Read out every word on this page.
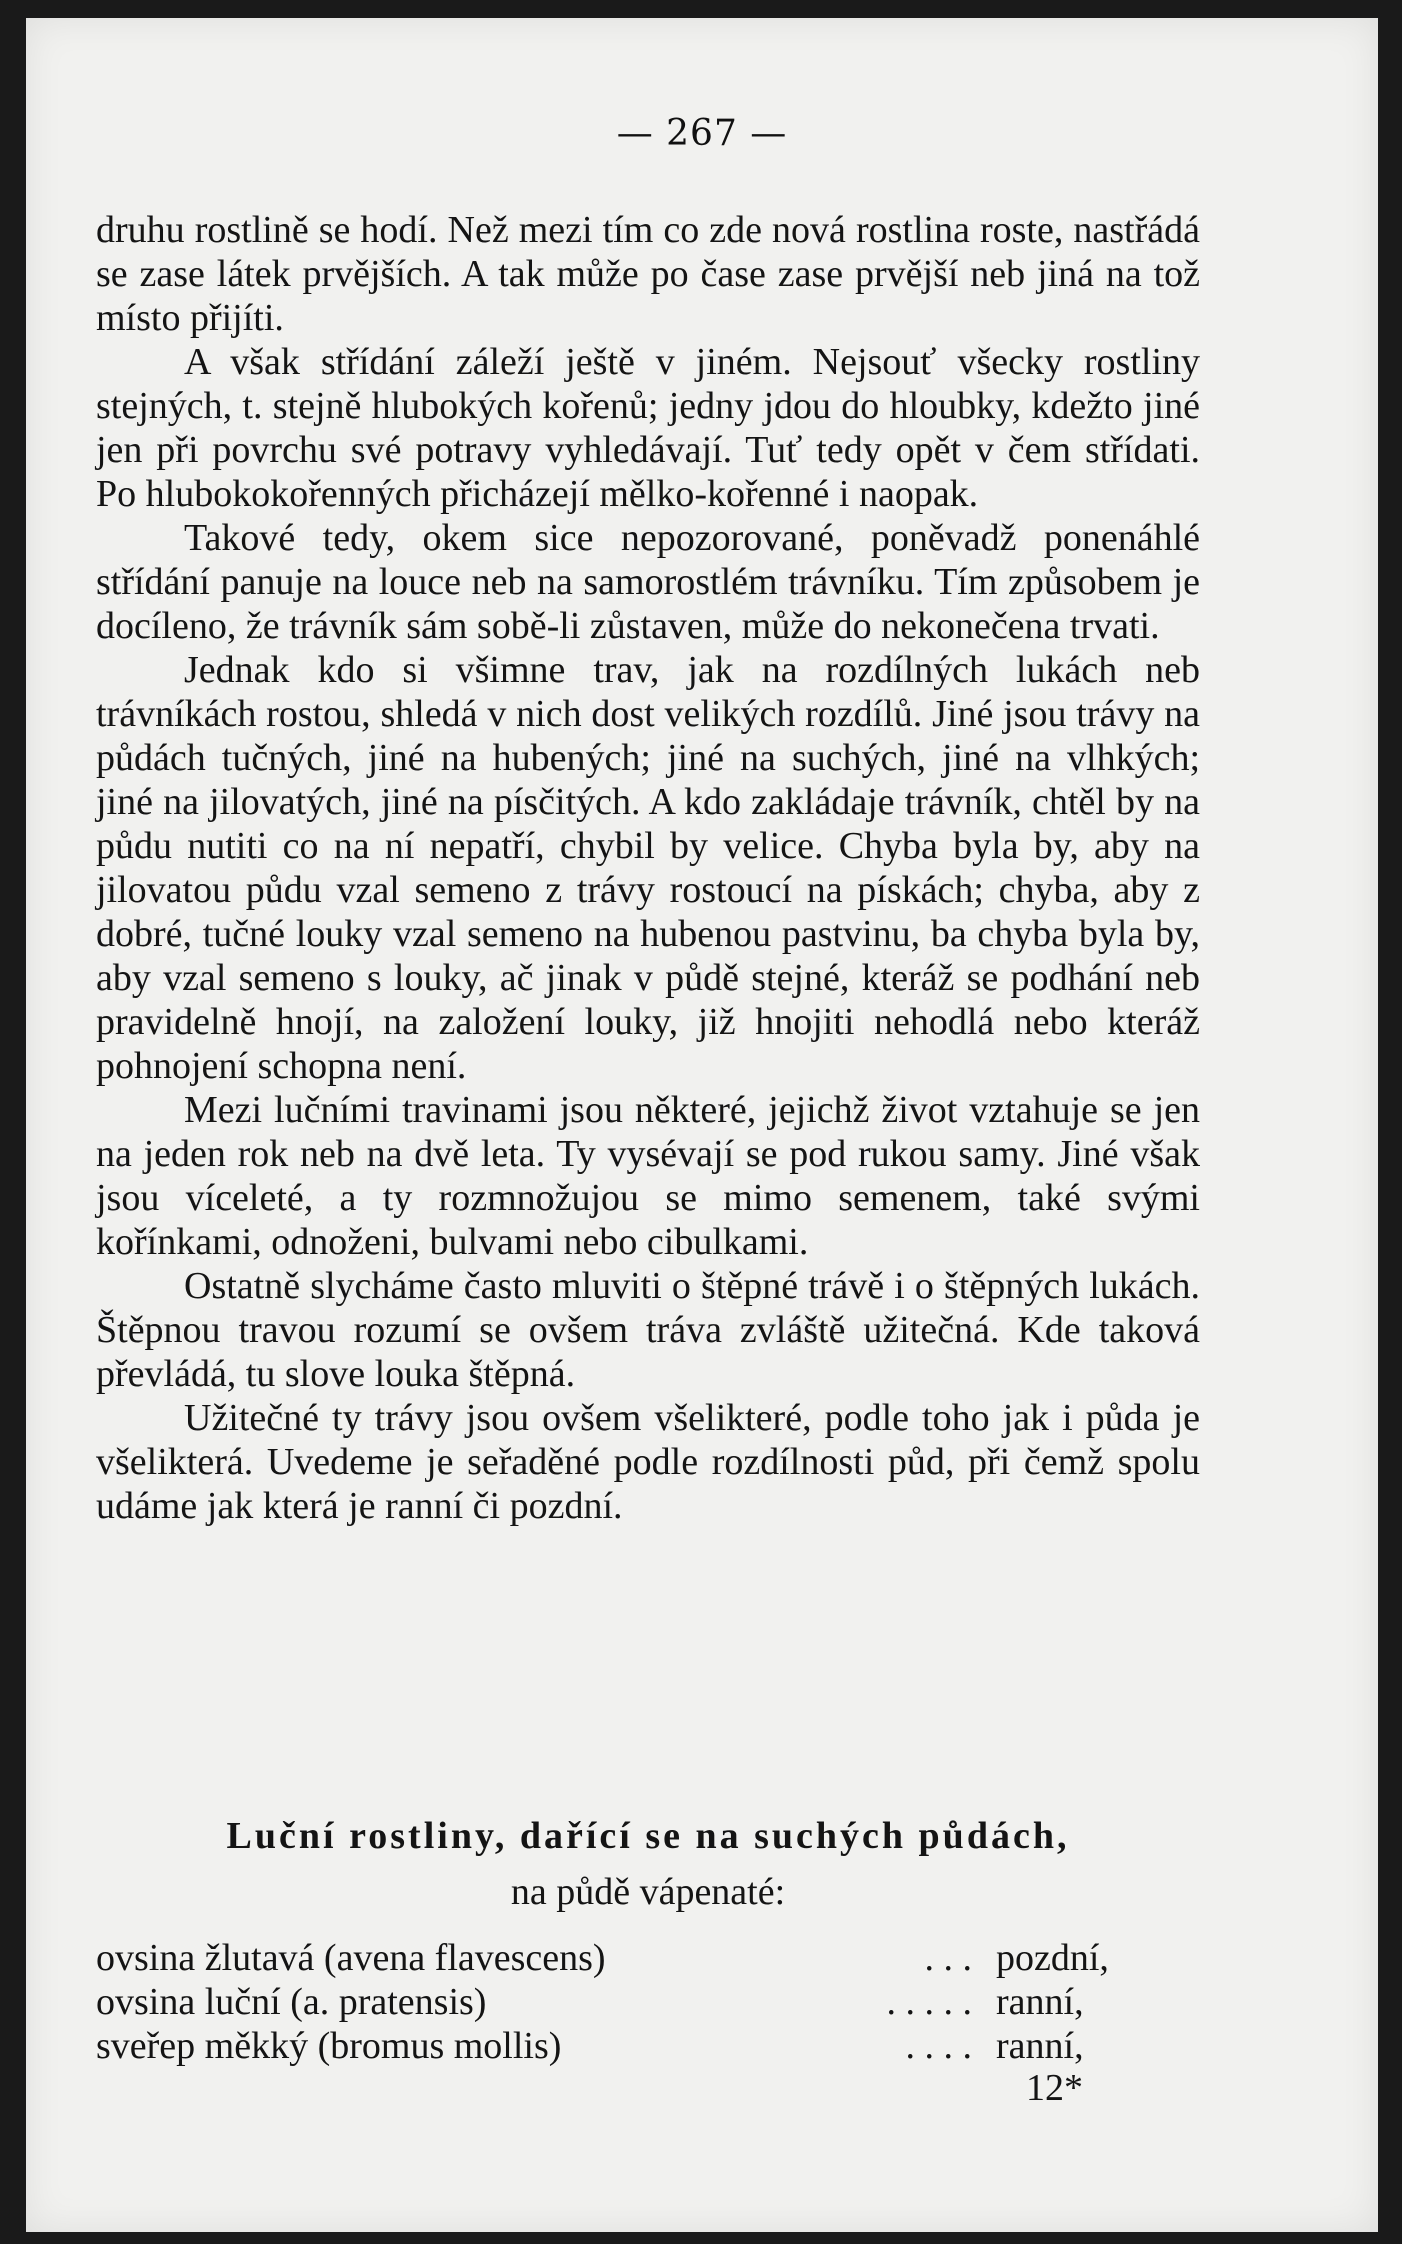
— 267 —

druhu rostlině se hodí. Než mezi tím co zde nová rostlina roste, nastřádá se zase látek prvějších. A tak může po čase zase prvější neb jiná na tož místo přijíti.

A však střídání záleží ještě v jiném. Nejsouť všecky rostliny stejných, t. stejně hlubokých kořenů; jedny jdou do hloubky, kdežto jiné jen při povrchu své potravy vyhledávají. Tuť tedy opět v čem střídati. Po hlubokokořenných přicházejí mělko-kořenné i naopak.

Takové tedy, okem sice nepozorované, poněvadž ponenáhlé střídání panuje na louce neb na samorostlém trávníku. Tím způsobem je docíleno, že trávník sám sobě-li zůstaven, může do nekonečena trvati.

Jednak kdo si všimne trav, jak na rozdílných lukách neb trávníkách rostou, shledá v nich dost velikých rozdílů. Jiné jsou trávy na půdách tučných, jiné na hubených; jiné na suchých, jiné na vlhkých; jiné na jilovatých, jiné na písčitých. A kdo zakládaje trávník, chtěl by na půdu nutiti co na ní nepatří, chybil by velice. Chyba byla by, aby na jilovatou půdu vzal semeno z trávy rostoucí na pískách; chyba, aby z dobré, tučné louky vzal semeno na hubenou pastvinu, ba chyba byla by, aby vzal semeno s louky, ač jinak v půdě stejné, kteráž se podhání neb pravidelně hnojí, na založení louky, již hnojiti nehodlá nebo kteráž pohnojení schopna není.

Mezi lučními travinami jsou některé, jejichž život vztahuje se jen na jeden rok neb na dvě leta. Ty vysévají se pod rukou samy. Jiné však jsou víceleté, a ty rozmnožujou se mimo semenem, také svými kořínkami, odnoženi, bulvami nebo cibulkami.

Ostatně slycháme často mluviti o štěpné trávě i o štěpných lukách. Štěpnou travou rozumí se ovšem tráva zvláště užitečná. Kde taková převládá, tu slove louka štěpná.

Užitečné ty trávy jsou ovšem všelikteré, podle toho jak i půda je všelikterá. Uvedeme je seřaděné podle rozdílnosti půd, při čemž spolu udáme jak která je ranní či pozdní.

Luční rostliny, dařící se na suchých půdách,
na půdě vápenaté:
ovsina žlutavá (avena flavescens)	. . . pozdní,
ovsina luční (a. pratensis)	. . . . . ranní,
sveřep měkký (bromus mollis)	. . . . ranní,
12*
